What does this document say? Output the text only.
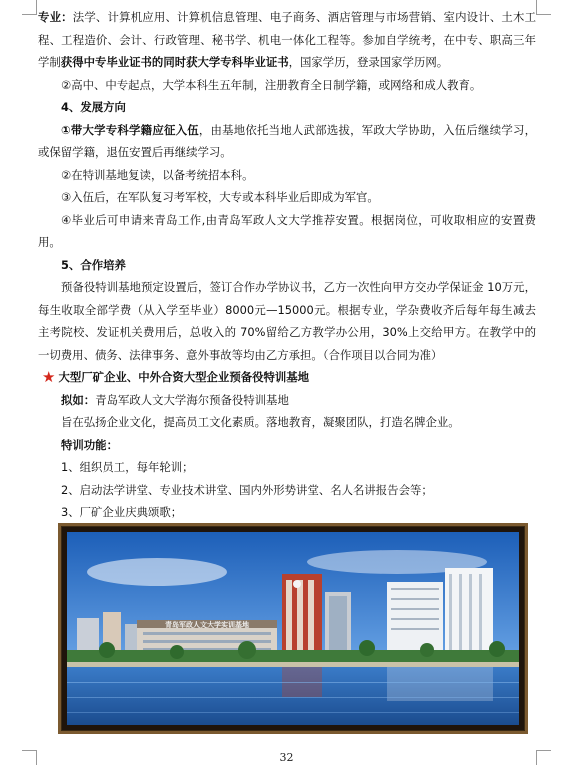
专业：法学、计算机应用、计算机信息管理、电子商务、酒店管理与市场营销、室内设计、土木工程、工程造价、会计、行政管理、秘书学、机电一体化工程等。参加自学统考，在中专、职高三年学制获得中专毕业证书的同时获大学专科毕业证书，国家学历，登录国家学历网。

②高中、中专起点，大学本科生五年制，注册教育全日制学籍，或网络和成人教育。

4、发展方向

①带大学专科学籍应征入伍，由基地依托当地人武部选拔，军政大学协助，入伍后继续学习，或保留学籍，退伍安置后再继续学习。

②在特训基地复读，以备考统招本科。

③入伍后，在军队复习考军校，大专或本科毕业后即成为军官。

④毕业后可申请来青岛工作,由青岛军政人文大学推荐安置。根据岗位，可收取相应的安置费用。

5、合作培养

预备役特训基地预定设置后，签订合作办学协议书，乙方一次性向甲方交办学保证金 10万元，每生收取全部学费（从入学至毕业）8000元—15000元。根据专业，学杂费收齐后每年每生减去主考院校、发证机关费用后，总收入的 70%留给乙方教学办公用，30%上交给甲方。在教学中的一切费用、债务、法律事务、意外事故等均由乙方承担。（合作项目以合同为准）

★ 大型厂矿企业、中外合资大型企业预备役特训基地

拟如：青岛军政人文大学海尔预备役特训基地

旨在弘扬企业文化，提高员工文化素质。落地教育，凝聚团队，打造名牌企业。

特训功能：

1、组织员工，每年轮训；

2、启动法学讲堂、专业技术讲堂、国内外形势讲堂、名人名讲报告会等；

3、厂矿企业庆典颂歌；

青岛军政人文大学实训基地
32
